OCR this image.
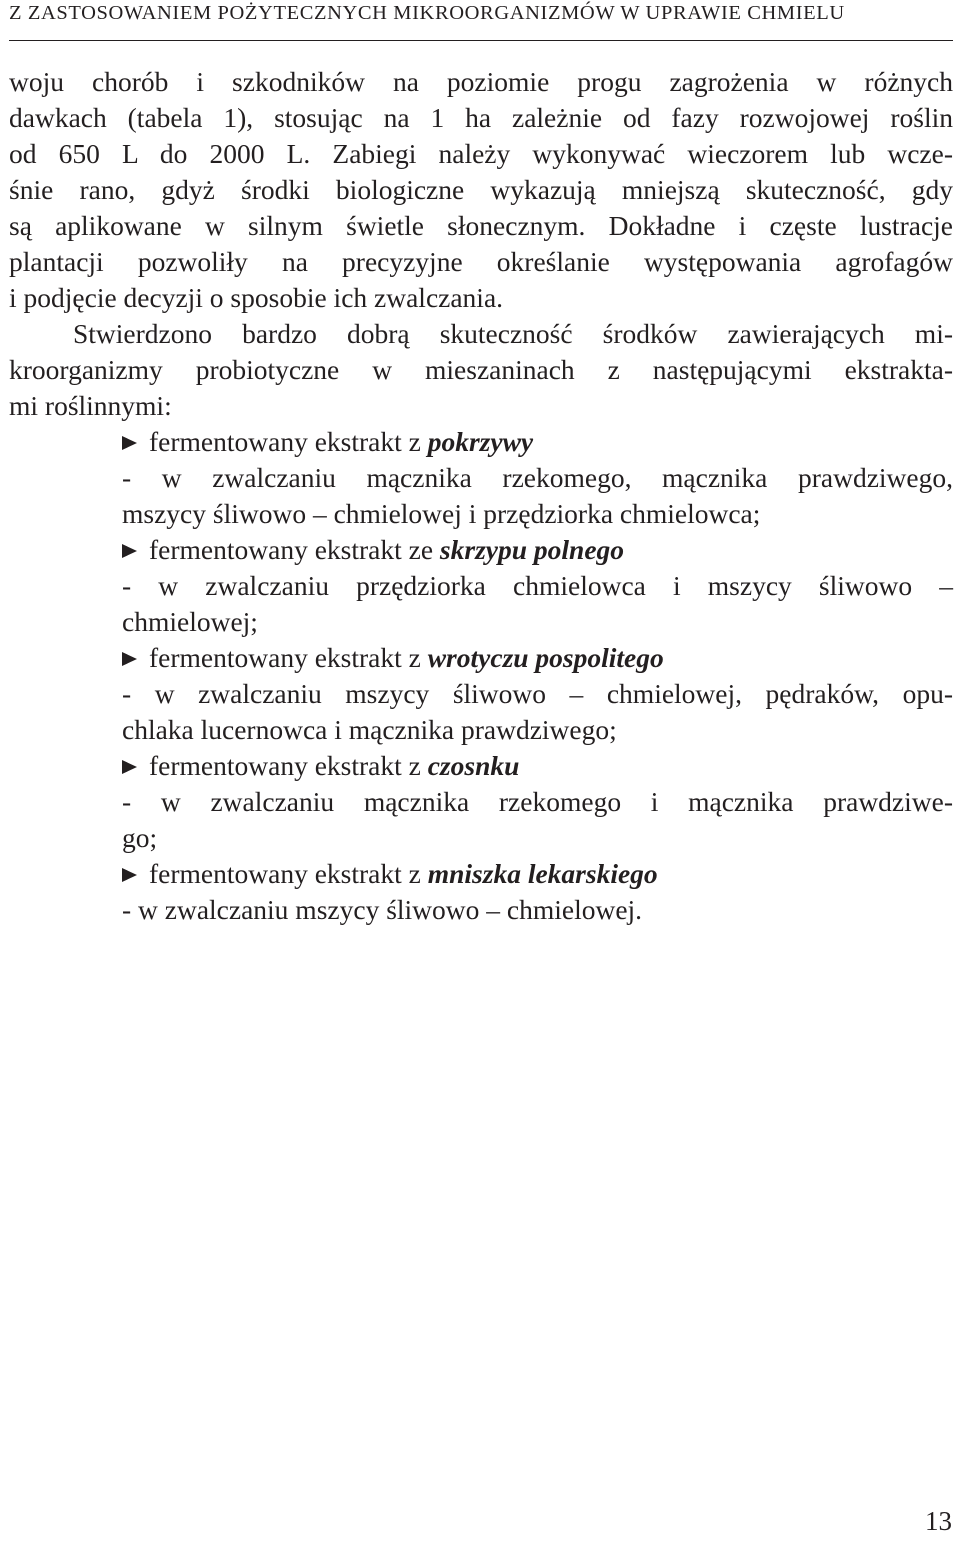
Z ZASTOSOWANIEM POŻYTECZNYCH MIKROORGANIZMÓW W UPRAWIE CHMIELU
woju chorób i szkodników na poziomie progu zagrożenia w różnych
dawkach (tabela 1), stosując na 1 ha zależnie od fazy rozwojowej roślin
od 650 L do 2000 L. Zabiegi należy wykonywać wieczorem lub wcze-
śnie rano, gdyż środki biologiczne wykazują mniejszą skuteczność, gdy
są aplikowane w silnym świetle słonecznym. Dokładne i częste lustracje
plantacji pozwoliły na precyzyjne określanie występowania agrofagów
i podjęcie decyzji o sposobie ich zwalczania.
Stwierdzono bardzo dobrą skuteczność środków zawierających mi-
kroorganizmy probiotyczne w mieszaninach z następującymi ekstrakta-
mi roślinnymi:
fermentowany ekstrakt z pokrzywy
- w zwalczaniu mącznika rzekomego, mącznika prawdziwego,
mszycy śliwowo – chmielowej i przędziorka chmielowca;
fermentowany ekstrakt ze skrzypu polnego
- w zwalczaniu przędziorka chmielowca i mszycy śliwowo –
chmielowej;
fermentowany ekstrakt z wrotyczu pospolitego
- w zwalczaniu mszycy śliwowo – chmielowej, pędraków, opu-
chlaka lucernowca i mącznika prawdziwego;
fermentowany ekstrakt z czosnku
- w zwalczaniu mącznika rzekomego i mącznika prawdziwe-
go;
fermentowany ekstrakt z mniszka lekarskiego
- w zwalczaniu mszycy śliwowo – chmielowej.
13
